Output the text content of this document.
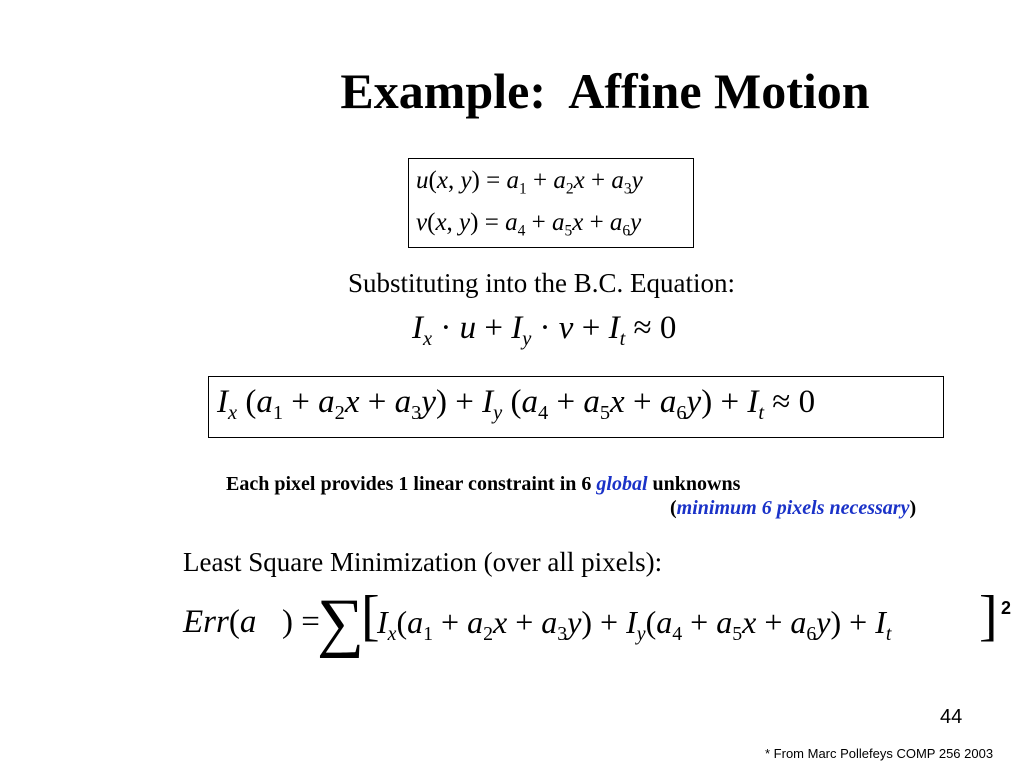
Example:  Affine Motion
u(x, $y) = a_1 + a_2x + a_3y$
v(x, $y) = a_4 + a_5x + a_6y$
Substituting into the B.C. Equation:
$I_x \cdot u + I_y \cdot v + I_t \approx 0$
$I_x$ $(a_1 + a_2x + a_3y) + I_y$ $(a_4 + a_5x + a_6y) + I_t \approx 0$
Each pixel provides 1 linear constraint in 6 global unknowns
(minimum 6 pixels necessary)
Least Square Minimization (over all pixels):
Err(a⃗) =
∑
[
$I_x(a_1 + a_2x + a_3y) + I_y(a_4 + a_5x + a_6y) + I_t$ ] 2
44
* From Marc Pollefeys COMP 256 2003
